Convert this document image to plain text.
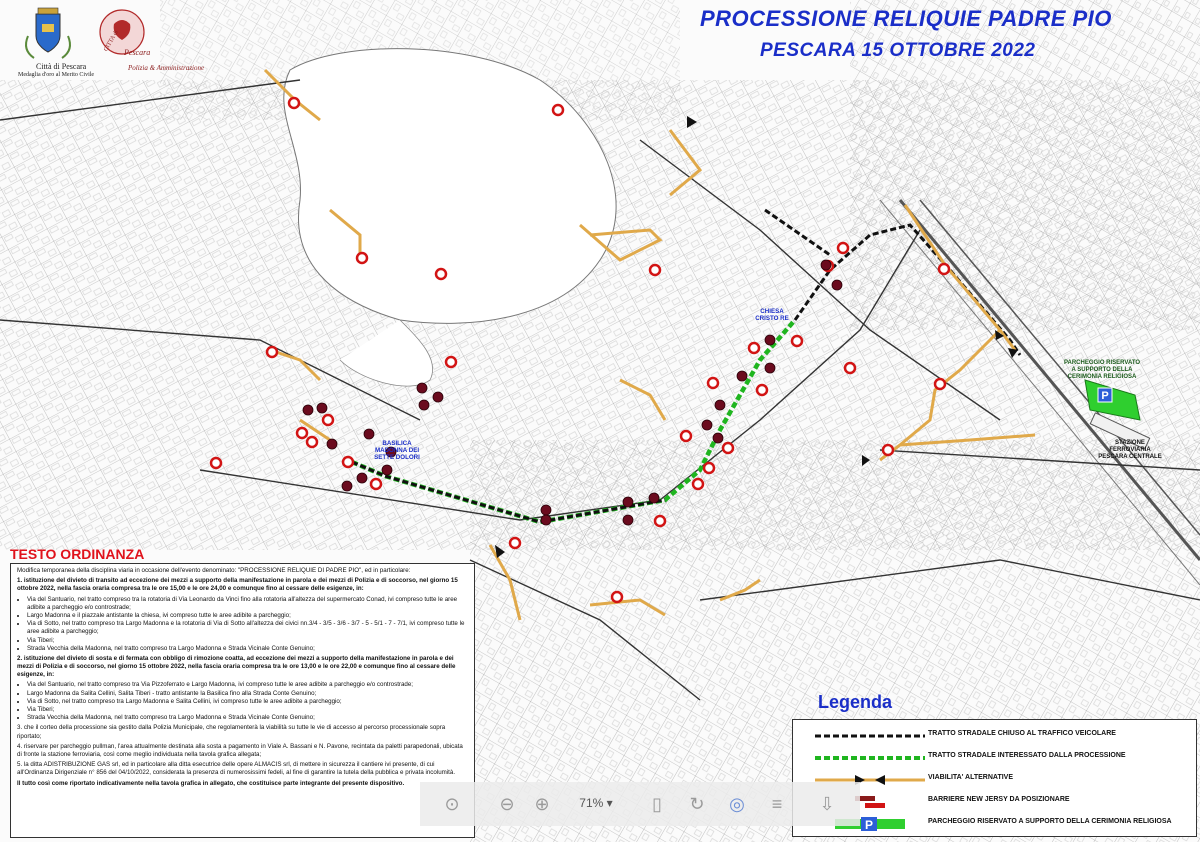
P
Città di Pescara
Medaglia d'oro al Merito Civile
Polizia & Amministrazione
CITTA di
Pescara
PROCESSIONE RELIQUIE PADRE PIO
PESCARA 15 OTTOBRE 2022
BASILICA MADONNA DEI SETTE DOLORI
CHIESA CRISTO RE
PARCHEGGIO RISERVATO A SUPPORTO DELLA CERIMONIA RELIGIOSA
STAZIONE FERROVIARIA PESCARA CENTRALE
TESTO ORDINANZA

Modifica temporanea della disciplina viaria in occasione dell'evento denominato: "PROCESSIONE RELIQUIE DI PADRE PIO", ed in particolare:

1. istituzione del divieto di transito ad eccezione dei mezzi a supporto della manifestazione in parola e dei mezzi di Polizia e di soccorso, nel giorno 15 ottobre 2022, nella fascia oraria compresa tra le ore 15,00 e le ore 24,00 e comunque fino al cessare delle esigenze, in:

• Via del Santuario, nel tratto compreso tra la rotatoria di Via Leonardo da Vinci fino alla rotatoria all'altezza del supermercato Conad, ivi compreso tutte le aree adibite a parcheggio e/o controstrade;
• Largo Madonna e il piazzale antistante la chiesa, ivi compreso tutte le aree adibite a parcheggio;
• Via di Sotto, nel tratto compreso tra Largo Madonna e la rotatoria di Via di Sotto all'altezza dei civici nn.3/4 - 3/5 - 3/6 - 3/7 - 5 - 5/1 - 7 - 7/1, ivi compreso tutte le aree adibite a parcheggio;
• Via Tiberi;
• Strada Vecchia della Madonna, nel tratto compreso tra Largo Madonna e Strada Vicinale Conte Genuino;

2. istituzione del divieto di sosta e di fermata con obbligo di rimozione coatta, ad eccezione dei mezzi a supporto della manifestazione in parola e dei mezzi di Polizia e di soccorso, nel giorno 15 ottobre 2022, nella fascia oraria compresa tra le ore 13,00 e le ore 22,00 e comunque fino al cessare delle esigenze, in:

• Via del Santuario, nel tratto compreso tra Via Pizzoferrato e Largo Madonna, ivi compreso tutte le aree adibite a parcheggio e/o controstrade;
• Largo Madonna da Salita Cellini, Salita Tiberi - tratto antistante la Basilica fino alla Strada Conte Genuino;
• Via di Sotto, nel tratto compreso tra Largo Madonna e Salita Cellini, ivi compreso tutte le aree adibite a parcheggio;
• Via Tiberi;
• Strada Vecchia della Madonna, nel tratto compreso tra Largo Madonna e Strada Vicinale Conte Genuino;

3. che il corteo della processione sia gestito dalla Polizia Municipale, che regolamenterà la viabilità su tutte le vie di accesso al percorso processionale sopra riportato;

4. riservare per parcheggio pullman, l'area attualmente destinata alla sosta a pagamento in Viale A. Bassani e N. Pavone, recintata da paletti parapedonali, ubicata di fronte la stazione ferroviaria, così come meglio individuata nella tavola grafica allegata;

5. la ditta ADISTRIBUZIONE GAS srl, ed in particolare alla ditta esecutrice delle opere ALMACIS srl, di mettere in sicurezza il cantiere ivi presente, di cui all'Ordinanza Dirigenziale n° 856 del 04/10/2022, considerata la presenza di numerosissimi fedeli, al fine di garantire la tutela della pubblica e privata incolumità.

Il tutto così come riportato indicativamente nella tavola grafica in allegato, che costituisce parte integrante del presente dispositivo.

Legenda
TRATTO STRADALE CHIUSO AL TRAFFICO VEICOLARE
TRATTO STRADALE INTERESSATO DALLA PROCESSIONE
VIABILITA' ALTERNATIVE
BARRIERE NEW JERSY DA POSIZIONARE
P	PARCHEGGIO RISERVATO A SUPPORTO DELLA CERIMONIA RELIGIOSA
⊙ ⊖ ⊕	71% ▾	▯	↻ ◎	≡	⇩
